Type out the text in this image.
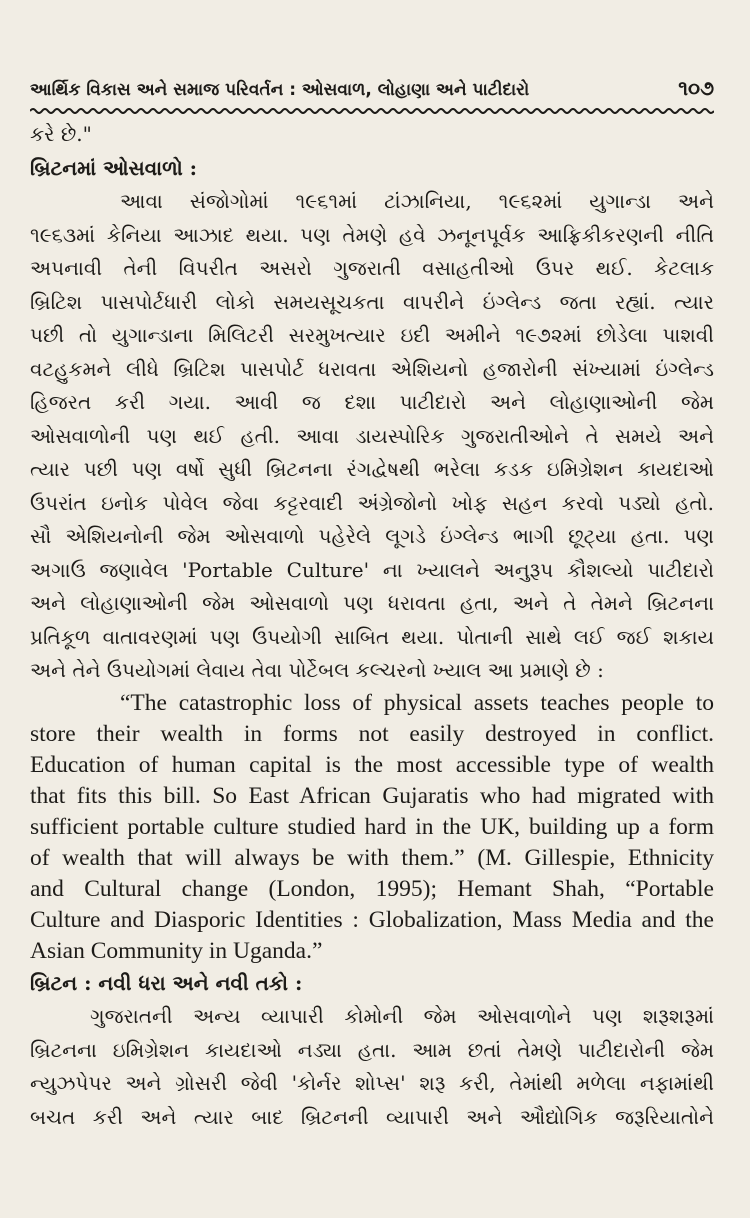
આર્થિક વિકાસ અને સમાજ પરિવર્તન : ઓસવાળ, લોહાણા અને પાટીદારો	૧૦૭
કરે છે."
બ્રિટનમાં ઓસવાળો :
આવા સંજોગોમાં ૧૯૬૧માં ટાંઝાનિયા, ૧૯૬૨માં યુગાન્ડા અને
૧૯૬૩માં કેનિયા આઝાદ થયા. પણ તેમણે હવે ઝનૂનપૂર્વક આફ્રિકીકરણની નીતિ
અપનાવી તેની વિપરીત અસરો ગુજરાતી વસાહતીઓ ઉપર થઈ. કેટલાક
બ્રિટિશ પાસપોર્ટધારી લોકો સમયસૂચકતા વાપરીને ઇંગ્લેન્ડ જતા રહ્યાં. ત્યાર
પછી તો યુગાન્ડાના મિલિટરી સરમુખત્યાર ઇદી અમીને ૧૯૭૨માં છોડેલા પાશવી
વટહુકમને લીધે બ્રિટિશ પાસપોર્ટ ધરાવતા એશિયનો હજારોની સંખ્યામાં ઇંગ્લેન્ડ
હિજરત કરી ગયા. આવી જ દશા પાટીદારો અને લોહાણાઓની જેમ
ઓસવાળોની પણ થઈ હતી. આવા ડાયસ્પોરિક ગુજરાતીઓને તે સમયે અને
ત્યાર પછી પણ વર્ષો સુધી બ્રિટનના રંગદ્વેષથી ભરેલા કડક ઇમિગ્રેશન કાયદાઓ
ઉપરાંત ઇનોક પોવેલ જેવા કટ્ટરવાદી અંગ્રેજોનો ખોફ સહન કરવો પડ્યો હતો.
સૌ એશિયનોની જેમ ઓસવાળો પહેરેલે લૂગડે ઇંગ્લેન્ડ ભાગી છૂટ્યા હતા. પણ
અગાઉ જણાવેલ 'Portable Culture' ના ખ્યાલને અનુરૂપ કૌશલ્યો પાટીદારો
અને લોહાણાઓની જેમ ઓસવાળો પણ ધરાવતા હતા, અને તે તેમને બ્રિટનના
પ્રતિકૂળ વાતાવરણમાં પણ ઉપયોગી સાબિત થયા. પોતાની સાથે લઈ જઈ શકાય
અને તેને ઉપયોગમાં લેવાય તેવા પોર્ટેબલ કલ્ચરનો ખ્યાલ આ પ્રમાણે છે :
“The catastrophic loss of physical assets teaches people to
store their wealth in forms not easily destroyed in conflict.
Education of human capital is the most accessible type of wealth
that fits this bill. So East African Gujaratis who had migrated with
sufficient portable culture studied hard in the UK, building up a form
of wealth that will always be with them.” (M. Gillespie, Ethnicity
and Cultural change (London, 1995); Hemant Shah, “Portable
Culture and Diasporic Identities : Globalization, Mass Media and the
Asian Community in Uganda.”
બ્રિટન : નવી ધરા અને નવી તકો :
ગુજરાતની અન્ય વ્યાપારી કોમોની જેમ ઓસવાળોને પણ શરૂશરૂમાં
બ્રિટનના ઇમિગ્રેશન કાયદાઓ નડ્યા હતા. આમ છતાં તેમણે પાટીદારોની જેમ
ન્યુઝપેપર અને ગ્રોસરી જેવી 'કોર્નર શોપ્સ' શરૂ કરી, તેમાંથી મળેલા નફામાંથી
બચત કરી અને ત્યાર બાદ બ્રિટનની વ્યાપારી અને ઔદ્યોગિક જરૂરિયાતોને
